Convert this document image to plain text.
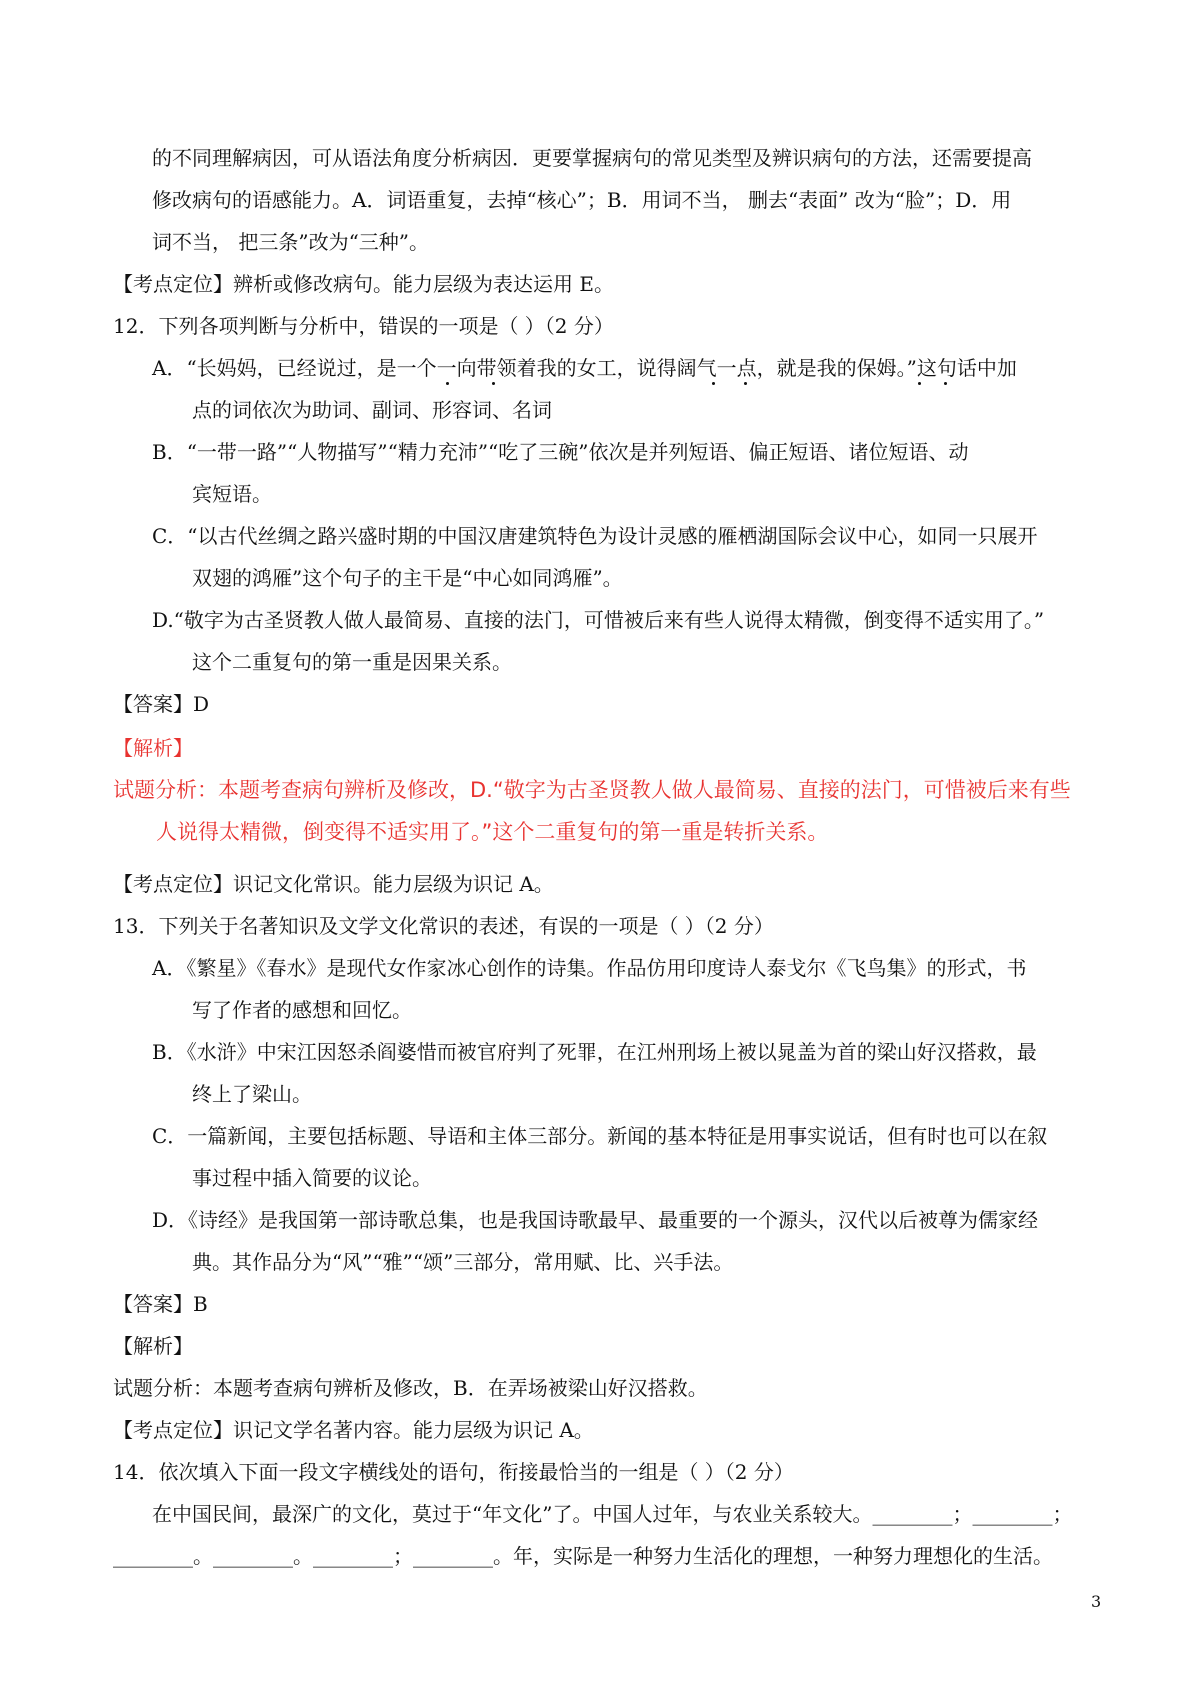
的不同理解病因，可从语法角度分析病因．更要掌握病句的常见类型及辨识病句的方法，还需要提高
修改病句的语感能力。A．词语重复，去掉“核心”；B．用词不当， 删去“表面” 改为“脸”；D．用
词不当， 把三条”改为“三种”。
【考点定位】辨析或修改病句。能力层级为表达运用 E。
12．下列各项判断与分析中，错误的一项是（ ）（2 分）
A．“长妈妈，已经说过，是一个一向带领着我的女工，说得阔气一点，就是我的保姆。”这句话中加
点的词依次为助词、副词、形容词、名词
B．“一带一路”“人物描写”“精力充沛”“吃了三碗”依次是并列短语、偏正短语、诸位短语、动
宾短语。
C．“以古代丝绸之路兴盛时期的中国汉唐建筑特色为设计灵感的雁栖湖国际会议中心，如同一只展开
双翅的鸿雁”这个句子的主干是“中心如同鸿雁”。
D.“敬字为古圣贤教人做人最简易、直接的法门，可惜被后来有些人说得太精微，倒变得不适实用了。”
这个二重复句的第一重是因果关系。
【答案】D
【解析】
试题分析：本题考查病句辨析及修改，D.“敬字为古圣贤教人做人最简易、直接的法门，可惜被后来有些
人说得太精微，倒变得不适实用了。”这个二重复句的第一重是转折关系。
【考点定位】识记文化常识。能力层级为识记 A。
13．下列关于名著知识及文学文化常识的表述，有误的一项是（ ）（2 分）
A．《繁星》《春水》是现代女作家冰心创作的诗集。作品仿用印度诗人泰戈尔《飞鸟集》的形式，书
写了作者的感想和回忆。
B．《水浒》中宋江因怒杀阎婆惜而被官府判了死罪，在江州刑场上被以晁盖为首的梁山好汉搭救，最
终上了梁山。
C．一篇新闻，主要包括标题、导语和主体三部分。新闻的基本特征是用事实说话，但有时也可以在叙
事过程中插入简要的议论。
D．《诗经》是我国第一部诗歌总集，也是我国诗歌最早、最重要的一个源头，汉代以后被尊为儒家经
典。其作品分为“风”“雅”“颂”三部分，常用赋、比、兴手法。
【答案】B
【解析】
试题分析：本题考查病句辨析及修改，B．在弄场被梁山好汉搭救。
【考点定位】识记文学名著内容。能力层级为识记 A。
14．依次填入下面一段文字横线处的语句，衔接最恰当的一组是（ ）（2 分）
在中国民间，最深广的文化，莫过于“年文化”了。中国人过年，与农业关系较大。________；________；
________。________。________；________。年，实际是一种努力生活化的理想，一种努力理想化的生活。
3
